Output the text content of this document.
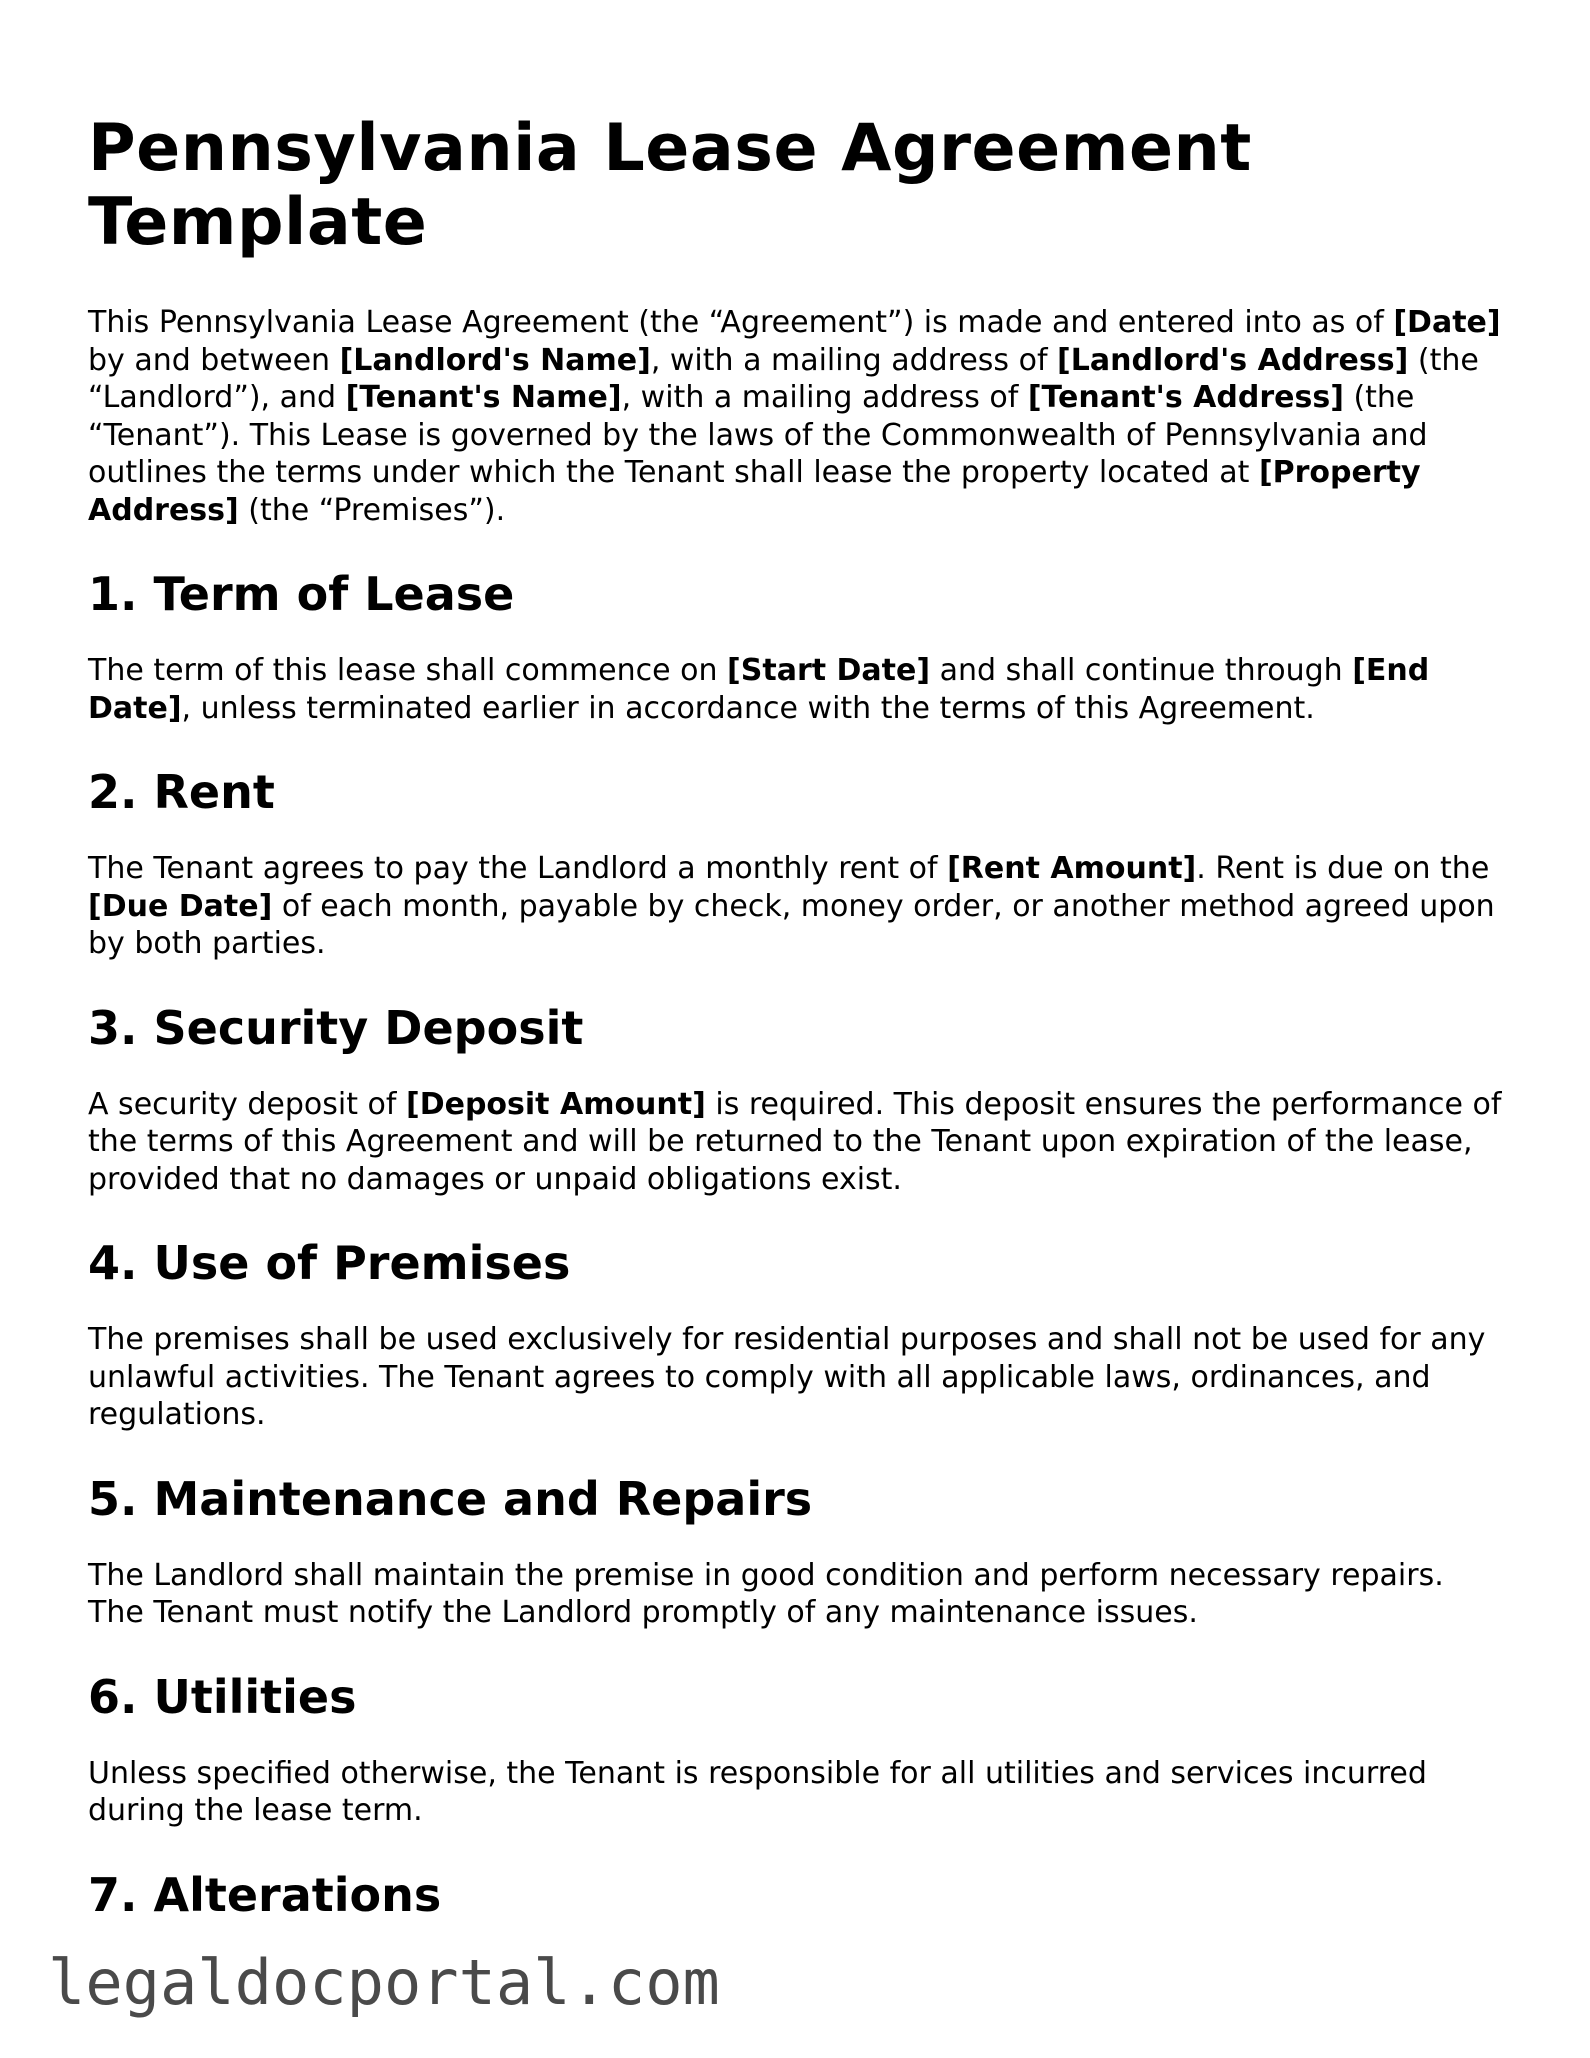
Pennsylvania Lease Agreement Template

This Pennsylvania Lease Agreement (the “Agreement”) is made and entered into as of [Date] by and between [Landlord's Name], with a mailing address of [Landlord's Address] (the “Landlord”), and [Tenant's Name], with a mailing address of [Tenant's Address] (the “Tenant”). This Lease is governed by the laws of the Commonwealth of Pennsylvania and outlines the terms under which the Tenant shall lease the property located at [Property Address] (the “Premises”).

1. Term of Lease

The term of this lease shall commence on [Start Date] and shall continue through [End Date], unless terminated earlier in accordance with the terms of this Agreement.

2. Rent

The Tenant agrees to pay the Landlord a monthly rent of [Rent Amount]. Rent is due on the [Due Date] of each month, payable by check, money order, or another method agreed upon by both parties.

3. Security Deposit

A security deposit of [Deposit Amount] is required. This deposit ensures the performance of the terms of this Agreement and will be returned to the Tenant upon expiration of the lease, provided that no damages or unpaid obligations exist.

4. Use of Premises

The premises shall be used exclusively for residential purposes and shall not be used for any unlawful activities. The Tenant agrees to comply with all applicable laws, ordinances, and regulations.

5. Maintenance and Repairs

The Landlord shall maintain the premise in good condition and perform necessary repairs. The Tenant must notify the Landlord promptly of any maintenance issues.

6. Utilities

Unless specified otherwise, the Tenant is responsible for all utilities and services incurred during the lease term.

7. Alterations
legaldocportal.com
